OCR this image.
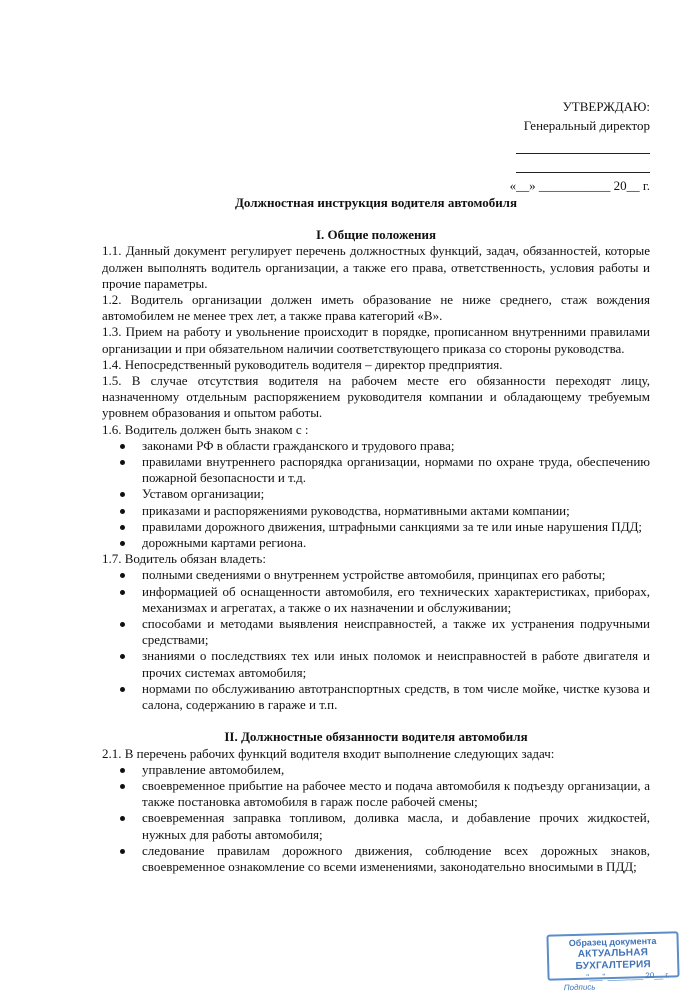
УТВЕРЖДАЮ:
Генеральный директор
«__» ___________ 20__ г.
Должностная инструкция водителя автомобиля
I. Общие положения

1.1. Данный документ регулирует перечень должностных функций, задач, обязанностей, которые должен выполнять водитель организации, а также его права, ответственность, условия работы и прочие параметры.

1.2. Водитель организации должен иметь образование не ниже среднего, стаж вождения автомобилем не менее трех лет, а также права категорий «В».

1.3. Прием на работу и увольнение происходит в порядке, прописанном внутренними правилами организации и при обязательном наличии соответствующего приказа со стороны руководства.

1.4. Непосредственный руководитель водителя – директор предприятия.

1.5. В случае отсутствия водителя на рабочем месте его обязанности переходят лицу, назначенному отдельным распоряжением руководителя компании и обладающему требуемым уровнем образования и опытом работы.

1.6. Водитель должен быть знаком с :

законами РФ в области гражданского и трудового права;
правилами внутреннего распорядка организации, нормами по охране труда, обеспечению пожарной безопасности и т.д.
Уставом организации;
приказами и распоряжениями руководства, нормативными актами компании;
правилами дорожного движения, штрафными санкциями за те или иные нарушения ПДД;
дорожными картами региона.

1.7. Водитель обязан владеть:

полными сведениями о внутреннем устройстве автомобиля, принципах его работы;
информацией об оснащенности автомобиля, его технических характеристиках, приборах, механизмах и агрегатах, а также о их назначении и обслуживании;
способами и методами выявления неисправностей, а также их устранения подручными средствами;
знаниями о последствиях тех или иных поломок и неисправностей в работе двигателя и прочих системах автомобиля;
нормами по обслуживанию автотранспортных средств, в том числе мойке, чистке кузова и салона, содержанию в гараже и т.п.
II. Должностные обязанности водителя автомобиля

2.1. В перечень рабочих функций водителя входит выполнение следующих задач:

управление автомобилем,
своевременное прибытие на рабочее место и подача автомобиля к подъезду организации, а также постановка автомобиля в гараж после рабочей смены;
своевременная заправка топливом, доливка масла, и добавление прочих жидкостей, нужных для работы автомобиля;
следование правилам дорожного движения, соблюдение всех дорожных знаков, своевременное ознакомление со всеми изменениями, законодательно вносимыми в ПДД;
Образец документа
АКТУАЛЬНАЯ БУХГАЛТЕРИЯ
"___" ________ 20__ г.
Подпись
